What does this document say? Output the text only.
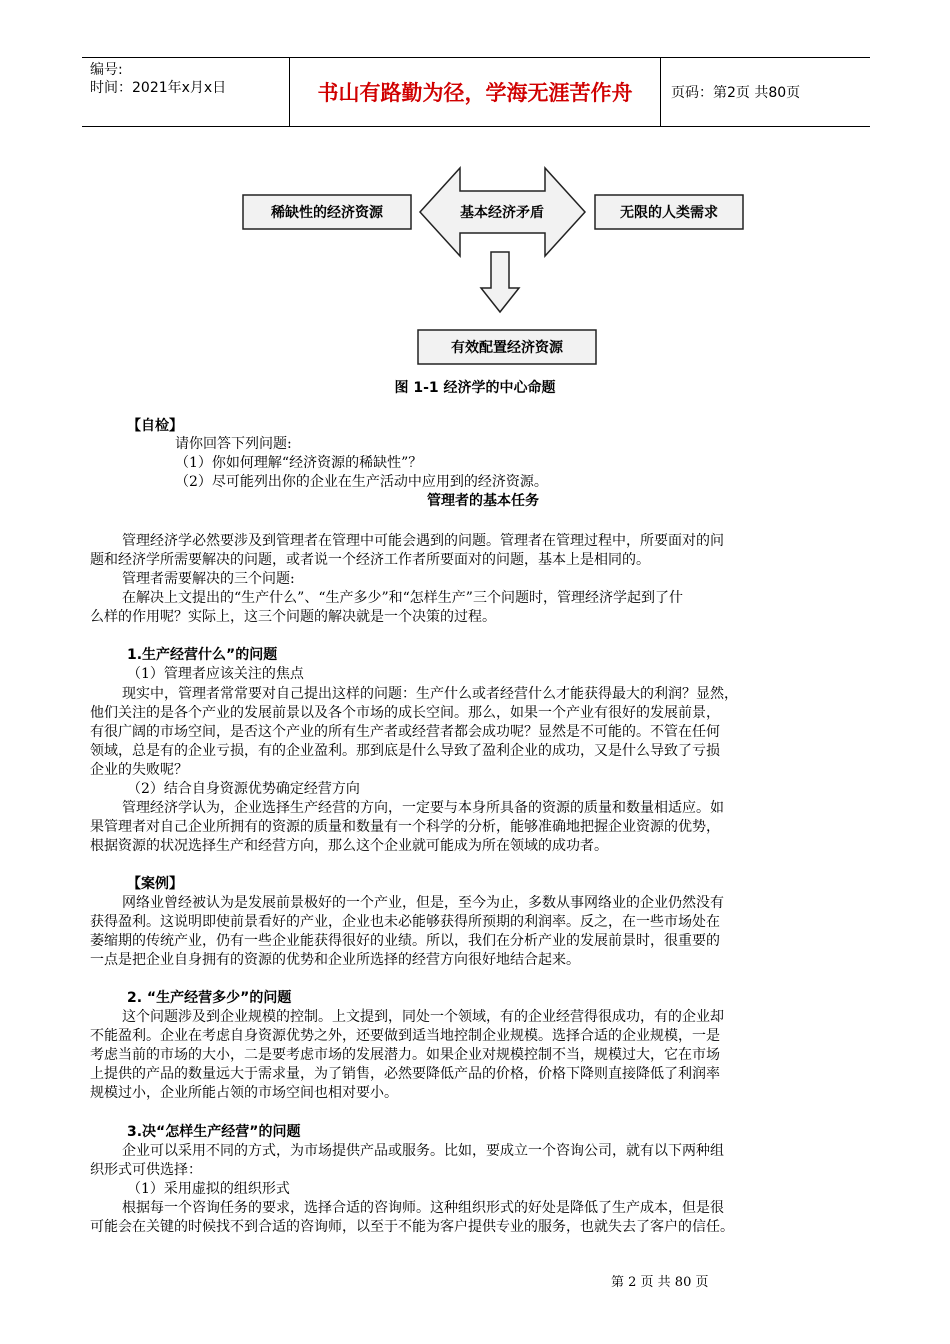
编号:
时间：2021年x月x日	书山有路勤为径，学海无涯苦作舟	页码：第2页 共80页
稀缺性的经济资源	基本经济矛盾	无限的人类需求
有效配置经济资源
图 1-1 经济学的中心命题
【自检】
请你回答下列问题:
（1）你如何理解“经济资源的稀缺性”？
（2）尽可能列出你的企业在生产活动中应用到的经济资源。
管理者的基本任务
管理经济学必然要涉及到管理者在管理中可能会遇到的问题。管理者在管理过程中，所要面对的问
题和经济学所需要解决的问题，或者说一个经济工作者所要面对的问题，基本上是相同的。
管理者需要解决的三个问题:
在解决上文提出的“生产什么”、“生产多少”和“怎样生产”三个问题时，管理经济学起到了什
么样的作用呢？实际上，这三个问题的解决就是一个决策的过程。
1.生产经营什么”的问题
（1）管理者应该关注的焦点
现实中，管理者常常要对自己提出这样的问题：生产什么或者经营什么才能获得最大的利润？显然，
他们关注的是各个产业的发展前景以及各个市场的成长空间。那么，如果一个产业有很好的发展前景，
有很广阔的市场空间，是否这个产业的所有生产者或经营者都会成功呢？显然是不可能的。不管在任何
领域，总是有的企业亏损，有的企业盈利。那到底是什么导致了盈利企业的成功，又是什么导致了亏损
企业的失败呢？
（2）结合自身资源优势确定经营方向
管理经济学认为，企业选择生产经营的方向，一定要与本身所具备的资源的质量和数量相适应。如
果管理者对自己企业所拥有的资源的质量和数量有一个科学的分析，能够准确地把握企业资源的优势，
根据资源的状况选择生产和经营方向，那么这个企业就可能成为所在领域的成功者。
【案例】
网络业曾经被认为是发展前景极好的一个产业，但是，至今为止，多数从事网络业的企业仍然没有
获得盈利。这说明即使前景看好的产业，企业也未必能够获得所预期的利润率。反之，在一些市场处在
萎缩期的传统产业，仍有一些企业能获得很好的业绩。所以，我们在分析产业的发展前景时，很重要的
一点是把企业自身拥有的资源的优势和企业所选择的经营方向很好地结合起来。
2. “生产经营多少”的问题
这个问题涉及到企业规模的控制。上文提到，同处一个领域，有的企业经营得很成功，有的企业却
不能盈利。企业在考虑自身资源优势之外，还要做到适当地控制企业规模。选择合适的企业规模，一是
考虑当前的市场的大小，二是要考虑市场的发展潜力。如果企业对规模控制不当，规模过大，它在市场
上提供的产品的数量远大于需求量，为了销售，必然要降低产品的价格，价格下降则直接降低了利润率
规模过小，企业所能占领的市场空间也相对要小。
3.决“怎样生产经营”的问题
企业可以采用不同的方式，为市场提供产品或服务。比如，要成立一个咨询公司，就有以下两种组
织形式可供选择：
（1）采用虚拟的组织形式
根据每一个咨询任务的要求，选择合适的咨询师。这种组织形式的好处是降低了生产成本，但是很
可能会在关键的时候找不到合适的咨询师，以至于不能为客户提供专业的服务，也就失去了客户的信任。
第 2 页 共 80 页
